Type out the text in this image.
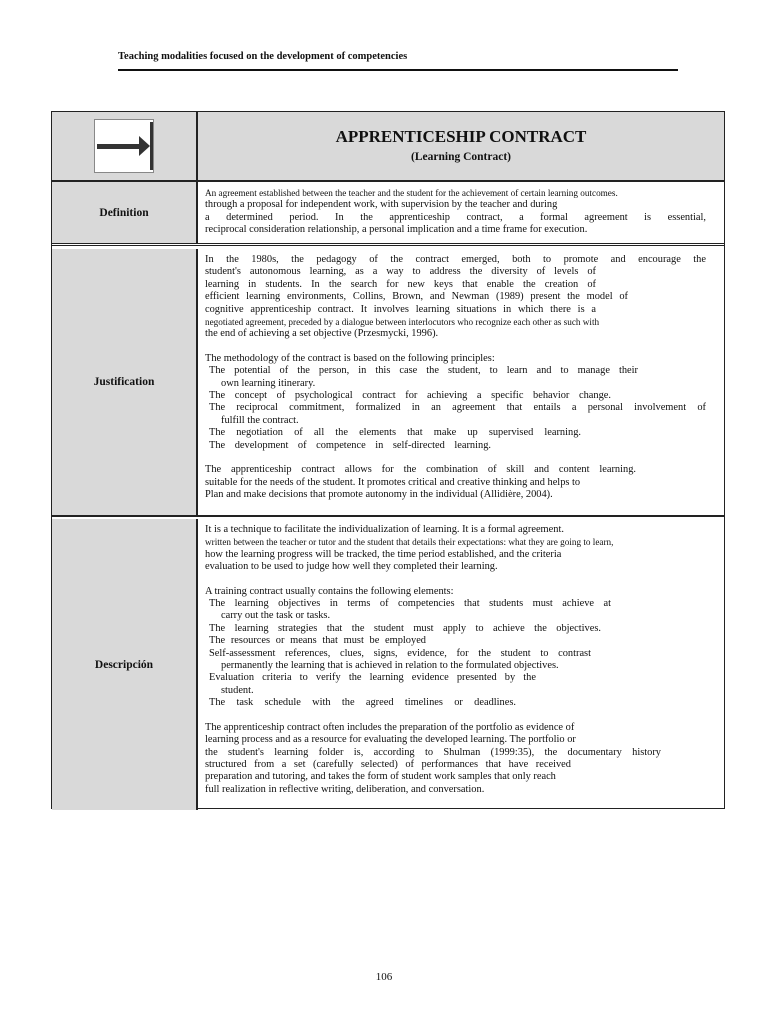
Teaching modalities focused on the development of competencies
APPRENTICESHIP CONTRACT
(Learning Contract)
Definition
An agreement established between the teacher and the student for the achievement of certain learning outcomes.
through a proposal for independent work, with supervision by the teacher and during
a determined period. In the apprenticeship contract, a formal agreement is essential,
reciprocal consideration relationship, a personal implication and a time frame for execution.
Justification
In the 1980s, the pedagogy of the contract emerged, both to promote and encourage the
student's autonomous learning, as a way to address the diversity of levels of
learning in students. In the search for new keys that enable the creation of
efficient learning environments, Collins, Brown, and Newman (1989) present the model of
cognitive apprenticeship contract. It involves learning situations in which there is a
negotiated agreement, preceded by a dialogue between interlocutors who recognize each other as such with
the end of achieving a set objective (Przesmycki, 1996).
The methodology of the contract is based on the following principles:
The potential of the person, in this case the student, to learn and to manage their
own learning itinerary.
The concept of psychological contract for achieving a specific behavior change.
The reciprocal commitment, formalized in an agreement that entails a personal involvement of
fulfill the contract.
The negotiation of all the elements that make up supervised learning.
The development of competence in self-directed learning.
The apprenticeship contract allows for the combination of skill and content learning.
suitable for the needs of the student. It promotes critical and creative thinking and helps to
Plan and make decisions that promote autonomy in the individual (Allidière, 2004).
Descripción
It is a technique to facilitate the individualization of learning. It is a formal agreement.
written between the teacher or tutor and the student that details their expectations: what they are going to learn,
how the learning progress will be tracked, the time period established, and the criteria
evaluation to be used to judge how well they completed their learning.
A training contract usually contains the following elements:
The learning objectives in terms of competencies that students must achieve at
carry out the task or tasks.
The learning strategies that the student must apply to achieve the objectives.
The resources or means that must be employed
Self-assessment references, clues, signs, evidence, for the student to contrast
permanently the learning that is achieved in relation to the formulated objectives.
Evaluation criteria to verify the learning evidence presented by the
student.
The task schedule with the agreed timelines or deadlines.
The apprenticeship contract often includes the preparation of the portfolio as evidence of
learning process and as a resource for evaluating the developed learning. The portfolio or
the student's learning folder is, according to Shulman (1999:35), the documentary history
structured from a set (carefully selected) of performances that have received
preparation and tutoring, and takes the form of student work samples that only reach
full realization in reflective writing, deliberation, and conversation.
106
